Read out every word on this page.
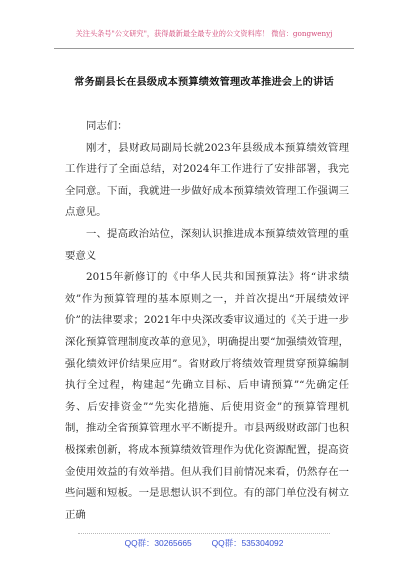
关注头条号"公文研究"，获得最新最全最专业的公文资料库！ 微信：gongwenyj
常务副县长在县级成本预算绩效管理改革推进会上的讲话

同志们：

刚才，县财政局副局长就2023年县级成本预算绩效管理工作进行了全面总结，对2024年工作进行了安排部署，我完全同意。下面，我就进一步做好成本预算绩效管理工作强调三点意见。

一、提高政治站位，深刻认识推进成本预算绩效管理的重要意义

2015年新修订的《中华人民共和国预算法》将“讲求绩效”作为预算管理的基本原则之一，并首次提出“开展绩效评价”的法律要求；2021年中央深改委审议通过的《关于进一步深化预算管理制度改革的意见》，明确提出要“加强绩效管理，强化绩效评价结果应用”。省财政厅将绩效管理贯穿预算编制执行全过程，构建起“先确立目标、后申请预算”“先确定任务、后安排资金”“先实化措施、后使用资金”的预算管理机制，推动全省预算管理水平不断提升。市县两级财政部门也积极探索创新，将成本预算绩效管理作为优化资源配置，提高资金使用效益的有效举措。但从我们目前情况来看，仍然存在一些问题和短板。一是思想认识不到位。有的部门单位没有树立正确

QQ群：30265665 QQ群：535304092
